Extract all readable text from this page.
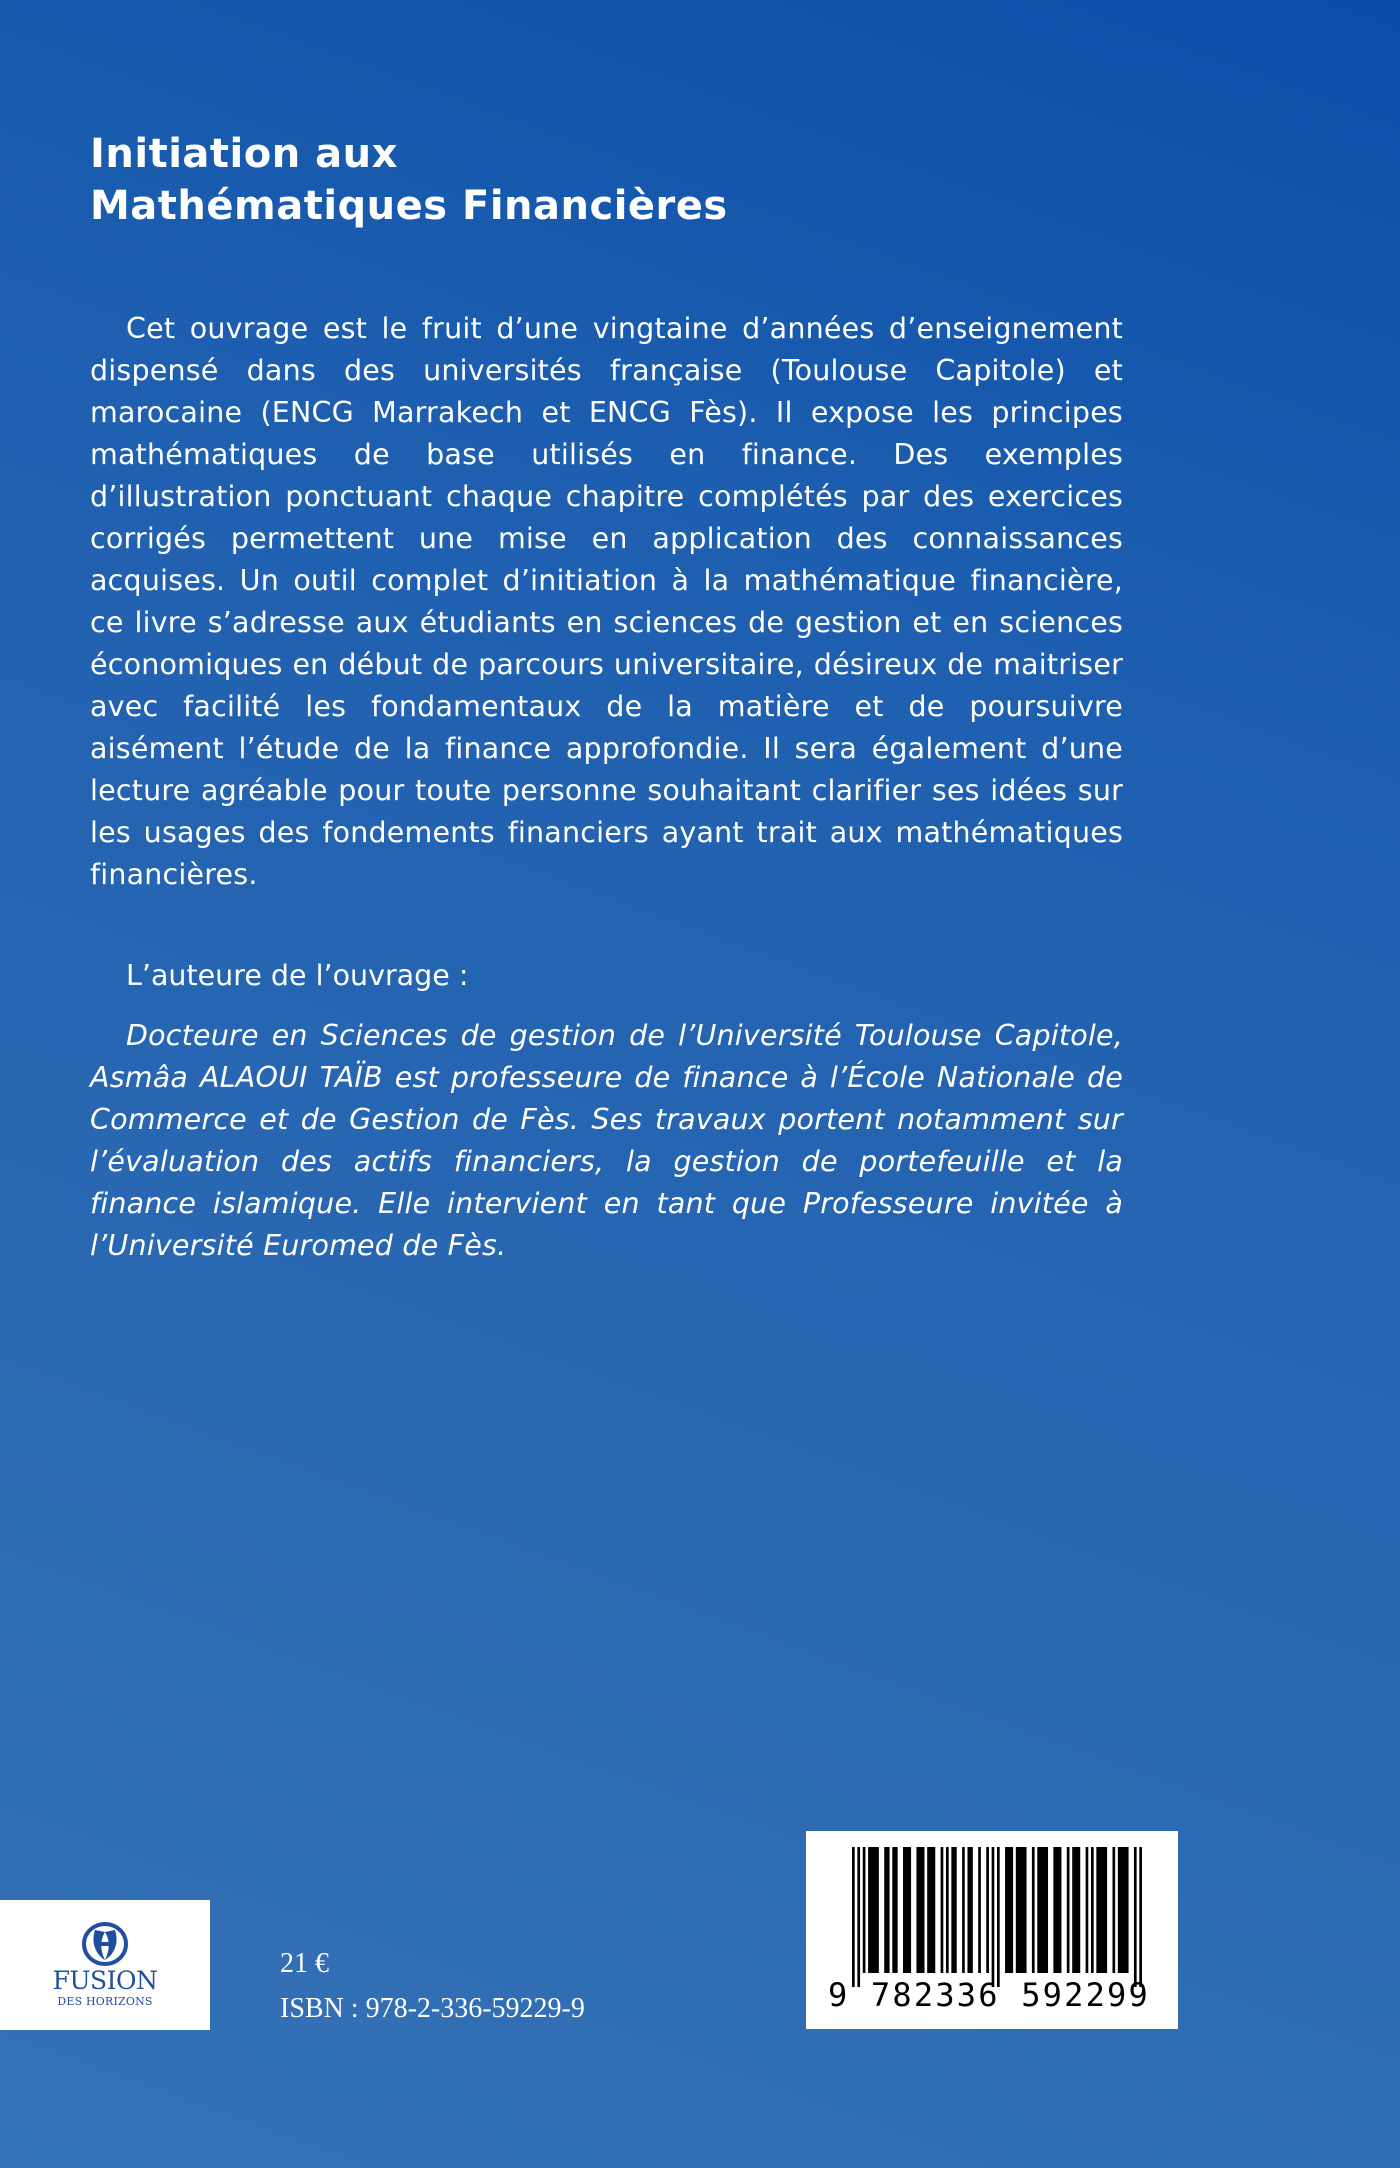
Initiation aux
Mathématiques Financières

Cet ouvrage est le fruit d’une vingtaine d’années d’enseignement dispensé dans des universités française (Toulouse Capitole) et marocaine (ENCG Marrakech et ENCG Fès). Il expose les principes mathématiques de base utilisés en finance. Des exemples d’illustration ponctuant chaque chapitre complétés par des exercices corrigés permettent une mise en application des connaissances acquises. Un outil complet d’initiation à la mathématique financière, ce livre s’adresse aux étudiants en sciences de gestion et en sciences économiques en début de parcours universitaire, désireux de maitriser avec facilité les fondamentaux de la matière et de poursuivre aisément l’étude de la finance approfondie. Il sera également d’une lecture agréable pour toute personne souhaitant clarifier ses idées sur les usages des fondements financiers ayant trait aux mathématiques financières.

L’auteure de l’ouvrage :

Docteure en Sciences de gestion de l’Université Toulouse Capitole, Asmâa ALAOUI TAÏB est professeure de finance à l’École Nationale de Commerce et de Gestion de Fès. Ses travaux portent notamment sur l’évaluation des actifs financiers, la gestion de portefeuille et la finance islamique. Elle intervient en tant que Professeure invitée à l’Université Euromed de Fès.

FUSION
DES HORIZONS
21 €
ISBN : 978-2-336-59229-9	9 782336 592299
